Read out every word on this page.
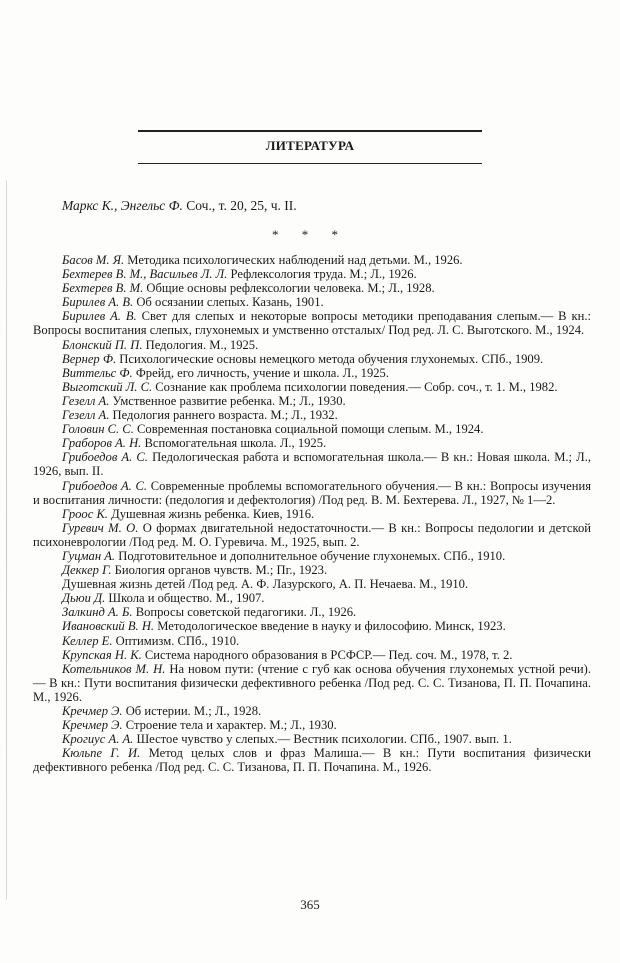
ЛИТЕРАТУРА
Маркс К., Энгельс Ф. Соч., т. 20, 25, ч. II.
* * *

Басов М. Я. Методика психологических наблюдений над детьми. М., 1926.

Бехтерев В. М., Васильев Л. Л. Рефлексология труда. М.; Л., 1926.

Бехтерев В. М. Общие основы рефлексологии человека. М.; Л., 1928.

Бирилев А. В. Об осязании слепых. Казань, 1901.

Бирилев А. В. Свет для слепых и некоторые вопросы методики преподавания слепым.— В кн.: Вопросы воспитания слепых, глухонемых и умственно отсталых/ Под ред. Л. С. Выготского. М., 1924.

Блонский П. П. Педология. М., 1925.

Вернер Ф. Психологические основы немецкого метода обучения глухонемых. СПб., 1909.

Виттельс Ф. Фрейд, его личность, учение и школа. Л., 1925.

Выготский Л. С. Сознание как проблема психологии поведения.— Собр. соч., т. 1. М., 1982.

Гезелл А. Умственное развитие ребенка. М.; Л., 1930.

Гезелл А. Педология раннего возраста. М.; Л., 1932.

Головин С. С. Современная постановка социальной помощи слепым. М., 1924.

Граборов А. Н. Вспомогательная школа. Л., 1925.

Грибоедов А. С. Педологическая работа и вспомогательная школа.— В кн.: Новая школа. М.; Л., 1926, вып. II.

Грибоедов А. С. Современные проблемы вспомогательного обучения.— В кн.: Вопросы изучения и воспитания личности: (педология и дефектология) /Под ред. В. М. Бехтерева. Л., 1927, № 1—2.

Гроос К. Душевная жизнь ребенка. Киев, 1916.

Гуревич М. О. О формах двигательной недостаточности.— В кн.: Вопросы педологии и детской психоневрологии /Под ред. М. О. Гуревича. М., 1925, вып. 2.

Гуцман А. Подготовительное и дополнительное обучение глухонемых. СПб., 1910.

Деккер Г. Биология органов чувств. М.; Пг., 1923.

Душевная жизнь детей /Под ред. А. Ф. Лазурского, А. П. Нечаева. М., 1910.

Дьюи Д. Школа и общество. М., 1907.

Залкинд А. Б. Вопросы советской педагогики. Л., 1926.

Ивановский В. Н. Методологическое введение в науку и философию. Минск, 1923.

Келлер Е. Оптимизм. СПб., 1910.

Крупская Н. К. Система народного образования в РСФСР.— Пед. соч. М., 1978, т. 2.

Котельников М. Н. На новом пути: (чтение с губ как основа обучения глухонемых устной речи).— В кн.: Пути воспитания физически дефективного ребенка /Под ред. С. С. Тизанова, П. П. Почапина. М., 1926.

Кречмер Э. Об истерии. М.; Л., 1928.

Кречмер Э. Строение тела и характер. М.; Л., 1930.

Крогиус А. А. Шестое чувство у слепых.— Вестник психологии. СПб., 1907. вып. 1.

Кюльпе Г. И. Метод целых слов и фраз Малиша.— В кн.: Пути воспитания физически дефективного ребенка /Под ред. С. С. Тизанова, П. П. Почапина. М., 1926.

365
